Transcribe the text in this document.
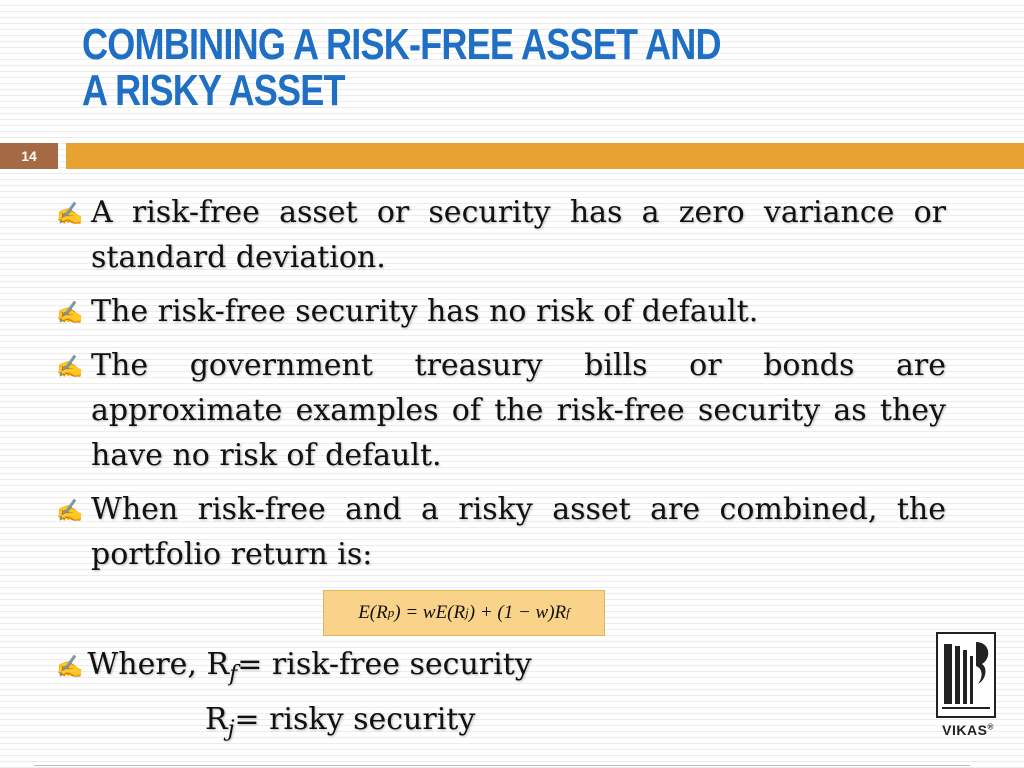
COMBINING A RISK-FREE ASSET AND
A RISKY ASSET
14
✍ A risk-free asset or security has a zero variance or standard deviation.
✍ The risk-free security has no risk of default.
✍ The government treasury bills or bonds are approximate examples of the risk-free security as they have no risk of default.
✍ When risk-free and a risky asset are combined, the portfolio return is:
E(R p ) = wE(R j ) + (1 − w)R f
✍ Where, $R_f=$ risk-free security
$R_j=$ risky security	VIKAS®
